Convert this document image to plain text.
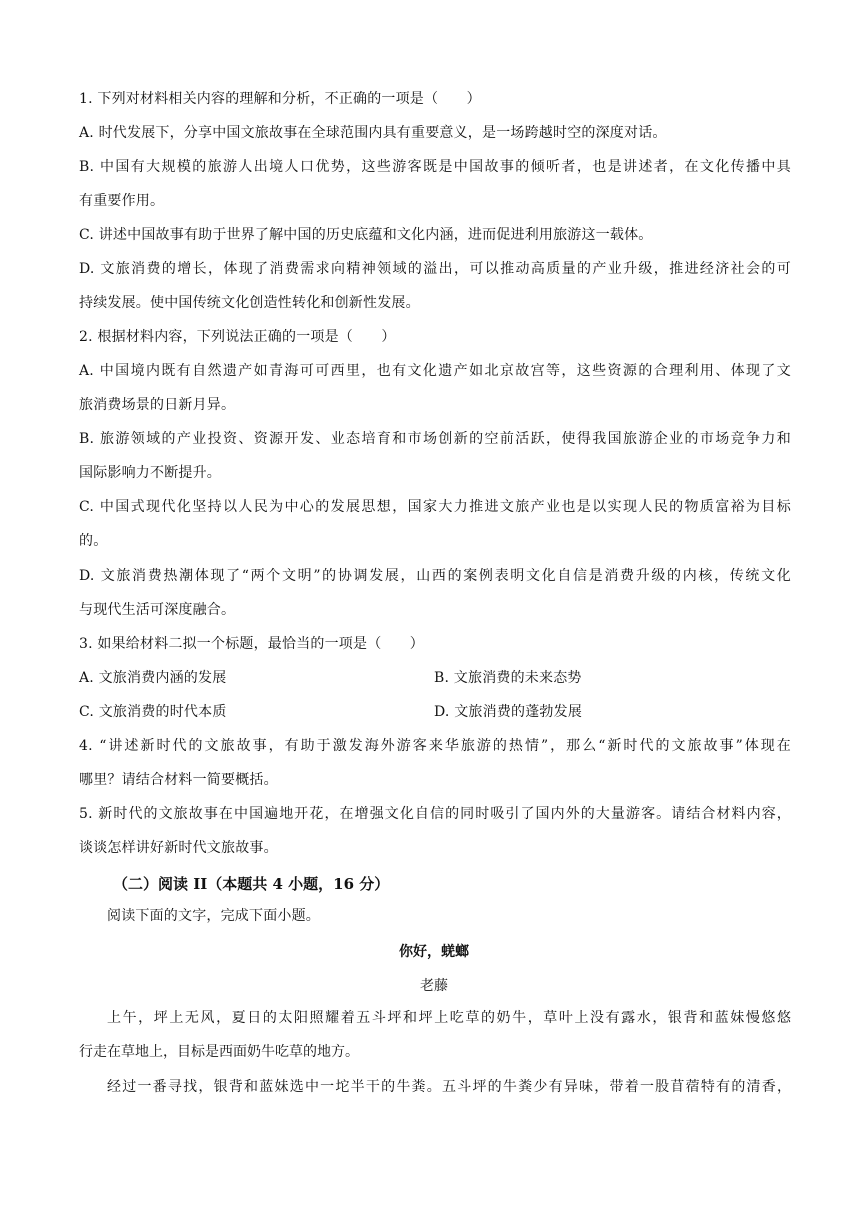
1. 下列对材料相关内容的理解和分析，不正确的一项是（　　）
A. 时代发展下，分享中国文旅故事在全球范围内具有重要意义，是一场跨越时空的深度对话。
B. 中国有大规模的旅游人出境人口优势，这些游客既是中国故事的倾听者，也是讲述者，在文化传播中具
有重要作用。
C. 讲述中国故事有助于世界了解中国的历史底蕴和文化内涵，进而促进利用旅游这一载体。
D. 文旅消费的增长，体现了消费需求向精神领域的溢出，可以推动高质量的产业升级，推进经济社会的可
持续发展。使中国传统文化创造性转化和创新性发展。
2. 根据材料内容，下列说法正确的一项是（　　）
A. 中国境内既有自然遗产如青海可可西里，也有文化遗产如北京故宫等，这些资源的合理利用、体现了文
旅消费场景的日新月异。
B. 旅游领域的产业投资、资源开发、业态培育和市场创新的空前活跃，使得我国旅游企业的市场竞争力和
国际影响力不断提升。
C. 中国式现代化坚持以人民为中心的发展思想，国家大力推进文旅产业也是以实现人民的物质富裕为目标
的。
D. 文旅消费热潮体现了“两个文明”的协调发展，山西的案例表明文化自信是消费升级的内核，传统文化
与现代生活可深度融合。
3. 如果给材料二拟一个标题，最恰当的一项是（　　）
A. 文旅消费内涵的发展	B. 文旅消费的未来态势
C. 文旅消费的时代本质	D. 文旅消费的蓬勃发展
4. “讲述新时代的文旅故事，有助于激发海外游客来华旅游的热情”，那么“新时代的文旅故事”体现在
哪里？请结合材料一简要概括。
5. 新时代的文旅故事在中国遍地开花，在增强文化自信的同时吸引了国内外的大量游客。请结合材料内容，
谈谈怎样讲好新时代文旅故事。
（二）阅读 II（本题共 4 小题，16 分）
阅读下面的文字，完成下面小题。
你好，蜣螂
老藤
上午，坪上无风，夏日的太阳照耀着五斗坪和坪上吃草的奶牛，草叶上没有露水，银背和蓝妹慢悠悠
行走在草地上，目标是西面奶牛吃草的地方。
经过一番寻找，银背和蓝妹选中一坨半干的牛粪。五斗坪的牛粪少有异味，带着一股苜蓿特有的清香，
